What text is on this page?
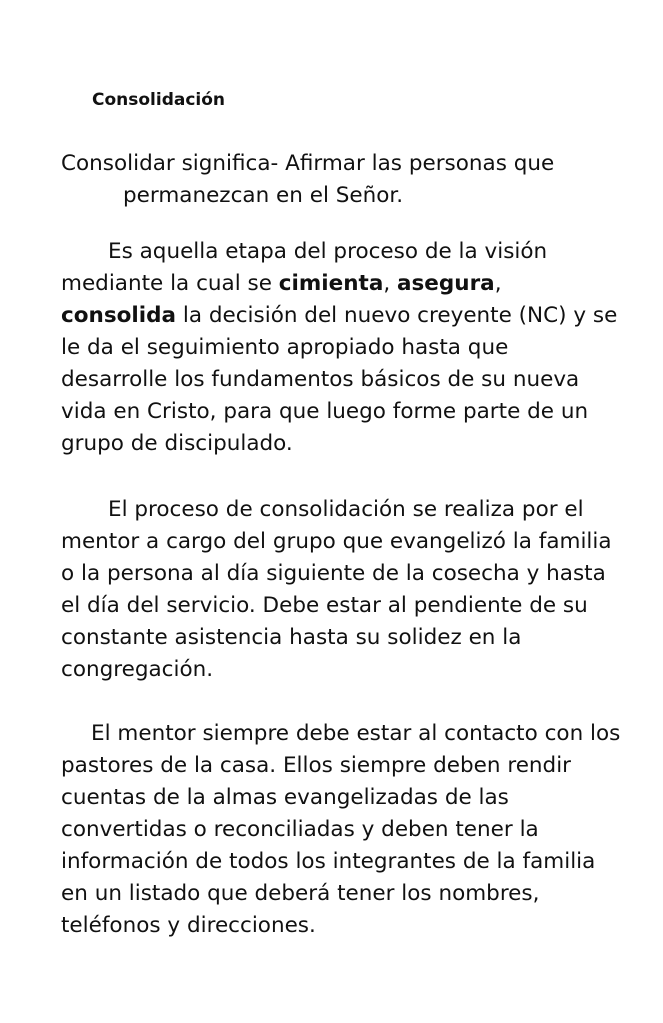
Consolidación

Consolidar significa- Afirmar las personas que
permanezcan en el Señor.

Es aquella etapa del proceso de la visión mediante la cual se cimienta, asegura, consolida la decisión del nuevo creyente (NC) y se le da el seguimiento apropiado hasta que desarrolle los fundamentos básicos de su nueva vida en Cristo, para que luego forme parte de un grupo de discipulado.

El proceso de consolidación se realiza por el mentor a cargo del grupo que evangelizó la familia o la persona al día siguiente de la cosecha y hasta el día del servicio. Debe estar al pendiente de su constante asistencia hasta su solidez en la congregación.

El mentor siempre debe estar al contacto con los pastores de la casa. Ellos siempre deben rendir cuentas de la almas evangelizadas de las convertidas o reconciliadas y deben tener la información de todos los integrantes de la familia en un listado que deberá tener los nombres, teléfonos y direcciones.
